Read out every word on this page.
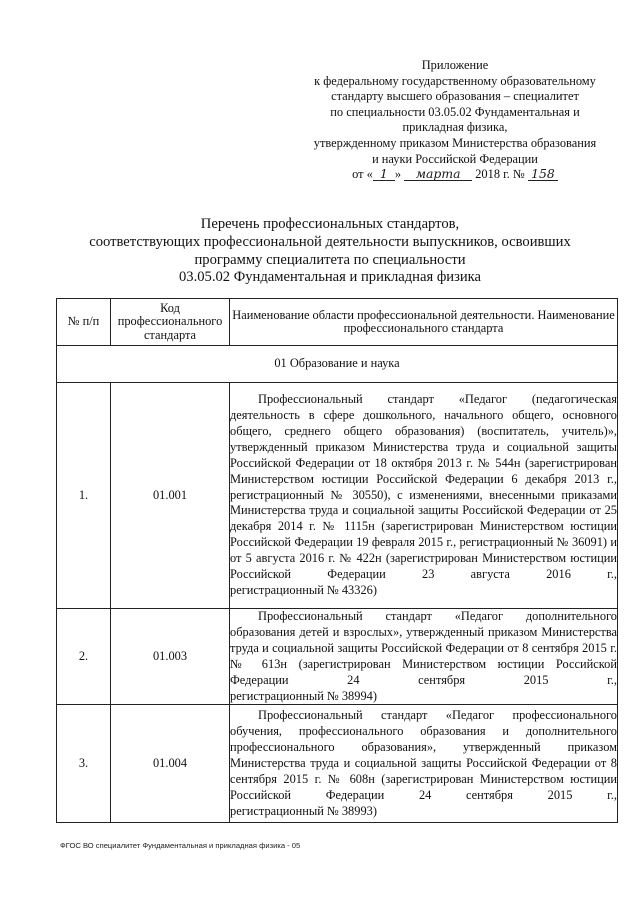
Приложение
к федеральному государственному образовательному
стандарту высшего образования – специалитет
по специальности 03.05.02 Фундаментальная и
прикладная физика,
утвержденному приказом Министерства образования
и науки Российской Федерации
от « 1 » марта 2018 г. № 158
Перечень профессиональных стандартов,
соответствующих профессиональной деятельности выпускников, освоивших
программу специалитета по специальности
03.05.02 Фундаментальная и прикладная физика
№ п/п	Код профессионального стандарта	Наименование области профессиональной деятельности. Наименование профессионального стандарта
01 Образование и наука		
1.	01.001	Профессиональный стандарт «Педагог (педагогическая деятельность в сфере дошкольного, начального общего, основного общего, среднего общего образования) (воспитатель, учитель)», утвержденный приказом Министерства труда и социальной защиты Российской Федерации от 18 октября 2013 г. № 544н (зарегистрирован Министерством юстиции Российской Федерации 6 декабря 2013 г., регистрационный № 30550), с изменениями, внесенными приказами Министерства труда и социальной защиты Российской Федерации от 25 декабря 2014 г. № 1115н (зарегистрирован Министерством юстиции Российской Федерации 19 февраля 2015 г., регистрационный № 36091) и от 5 августа 2016 г. № 422н (зарегистрирован Министерством юстиции Российской Федерации 23 августа 2016 г.,

регистрационный № 43326)

2.	01.003	Профессиональный стандарт «Педагог дополнительного образования детей и взрослых», утвержденный приказом Министерства труда и социальной защиты Российской Федерации от 8 сентября 2015 г. № 613н (зарегистрирован Министерством юстиции Российской Федерации 24 сентября 2015 г.,

регистрационный № 38994)

3.	01.004	Профессиональный стандарт «Педагог профессионального обучения, профессионального образования и дополнительного профессионального образования», утвержденный приказом Министерства труда и социальной защиты Российской Федерации от 8 сентября 2015 г. № 608н (зарегистрирован Министерством юстиции Российской Федерации 24 сентября 2015 г.,

регистрационный № 38993)
ФГОС ВО специалитет Фундаментальная и прикладная физика - 05
